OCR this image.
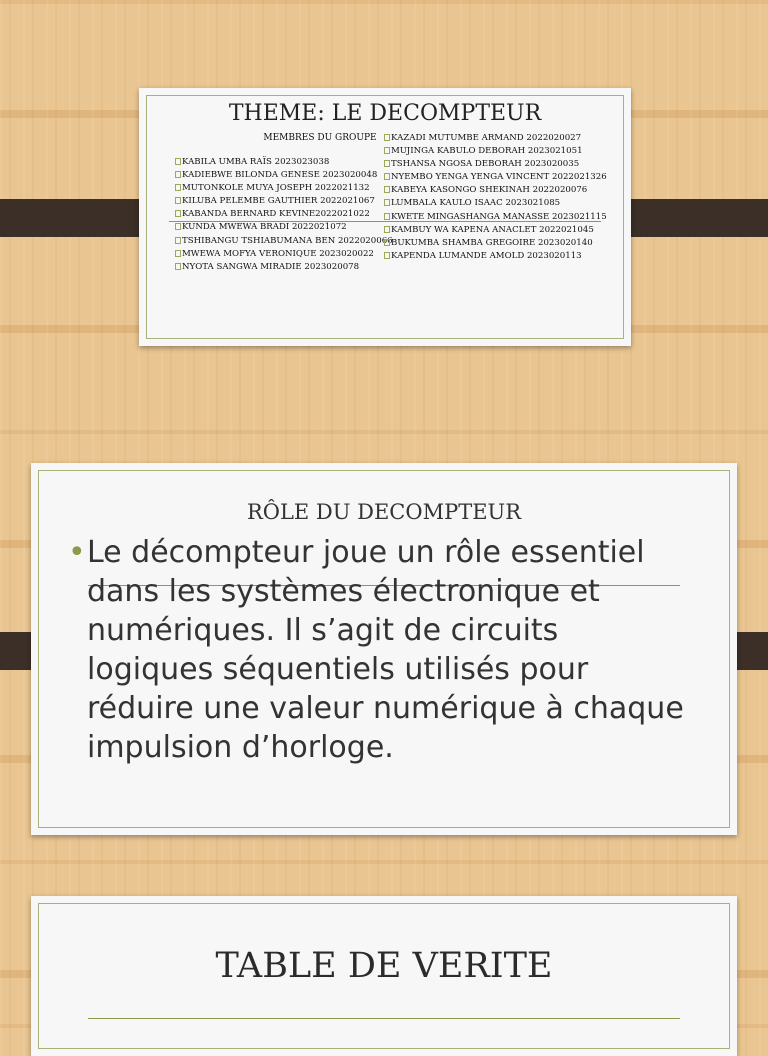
THEME: LE DECOMPTEUR
MEMBRES DU GROUPE
KABILA UMBA RAÏS 2023023038
KADIEBWE BILONDA GENESE 2023020048
MUTONKOLE MUYA JOSEPH 2022021132
KILUBA PELEMBE GAUTHIER 2022021067
KABANDA BERNARD KEVINE2022021022
KUNDA MWEWA BRADI 2022021072
TSHIBANGU TSHIABUMANA BEN 2022020066
MWEWA MOFYA VERONIQUE 2023020022
NYOTA SANGWA MIRADIE 2023020078
KAZADI MUTUMBE ARMAND 2022020027
MUJINGA KABULO DEBORAH 2023021051
TSHANSA NGOSA DEBORAH 2023020035
NYEMBO YENGA YENGA VINCENT 2022021326
KABEYA KASONGO SHEKINAH 2022020076
LUMBALA KAULO ISAAC 2023021085
KWETE MINGASHANGA MANASSE 2023021115
KAMBUY WA KAPENA ANACLET 2022021045
BUKUMBA SHAMBA GREGOIRE 2023020140
KAPENDA LUMANDE AMOLD 2023020113
RÔLE DU DECOMPTEUR
• Le décompteur joue un rôle essentiel dans les systèmes électronique et numériques. Il s’agit de circuits logiques séquentiels utilisés pour réduire une valeur numérique à chaque impulsion d’horloge.
TABLE DE VERITE
